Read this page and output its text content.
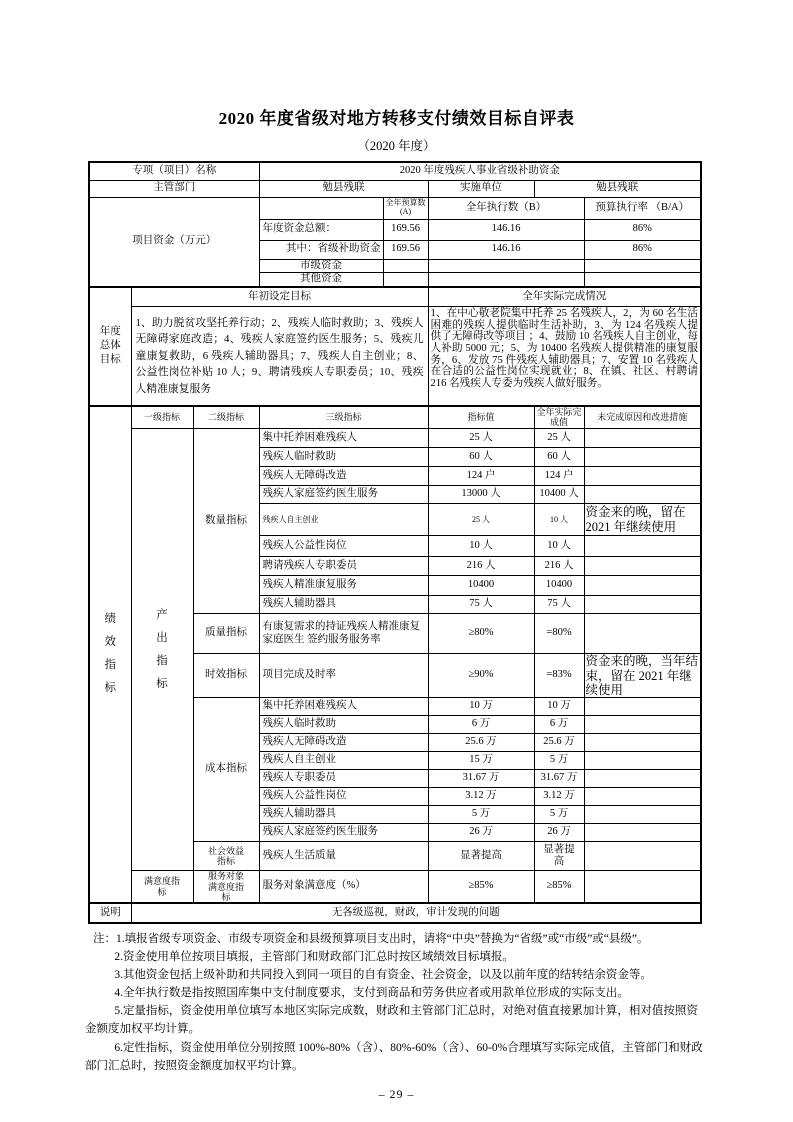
2020 年度省级对地方转移支付绩效目标自评表
（2020 年度）
专项（项目）名称			2020 年度残疾人事业省级补助资金				
主管部门			勉县残联		实施单位	勉县残联	
项目资金（万元）				全年预算数(A)	全年执行数（B）		预算执行率 （B/A）
			年度资金总额：	169.56	146.16		86%
			其中：省级补助资金	169.56	146.16		86%
			市级资金				
			其他资金				

年度总体目标	年初设定目标				全年实际完成情况		
	1、助力脱贫攻坚托养行动；2、残疾人临时救助；3、残疾人无障碍家庭改造；4、残疾人家庭签约医生服务；5、残疾儿童康复救助，6 残疾人辅助器具；7、残疾人自主创业；8、公益性岗位补贴 10 人；9、聘请残疾人专职委员；10、残疾人精准康复服务				1、在中心敬老院集中托养 25 名残疾人，2，为 60 名生活困难的残疾人提供临时生活补助，3、为 124 名残疾人提供了无障碍改等项目 ；4、鼓励 10 名残疾人自主创业，每人补助 5000 元；5、为 10400 名残疾人提供精准的康复服务，6、发放 75 件残疾人辅助器具；7、安置 10 名残疾人在合适的公益性岗位实现就业；8、在镇、社区、村聘请 216 名残疾人专委为残疾人做好服务。		

绩效指标	一级指标	二级指标	三级指标		指标值	全年实际完成值	未完成原因和改进措施

	产出指标	数量指标	集中托养困难残疾人		25 人	25 人	
			残疾人临时救助		60 人	60 人	
			残疾人无障碍改造		124 户	124 户	
			残疾人家庭签约医生服务		13000 人	10400 人	
			残疾人自主创业		25 人	10 人	资金来的晚，留在 2021 年继续使用
			残疾人公益性岗位		10 人	10 人	
			聘请残疾人专职委员		216 人	216 人	
			残疾人精准康复服务		10400	10400	
			残疾人辅助器具		75 人	75 人	
		质量指标	有康复需求的持证残疾人精准康复家庭医生 签约服务服务率		≥80%	=80%	
		时效指标	项目完成及时率		≥90%	=83%	资金来的晚，当年结束，留在 2021 年继续使用
		成本指标	集中托养困难残疾人		10 万	10 万	
			残疾人临时救助		6 万	6 万	
			残疾人无障碍改造		25.6 万	25.6 万	
			残疾人自主创业		15 万	5 万	
			残疾人专职委员		31.67 万	31.67 万	
			残疾人公益性岗位		3.12 万	3.12 万	
			残疾人辅助器具		5 万	5 万	
			残疾人家庭签约医生服务		26 万	26 万	
		社会效益指标	残疾人生活质量		显著提高	显著提高	
	满意度指标	服务对象满意度指标	服务对象满意度（%）		≥85%	≥85%	
说明	无各级巡视，财政，审计发现的问题						
注：1.填报省级专项资金、市级专项资金和县级预算项目支出时，请将“中央”替换为“省级”或“市级”或“县级”。
2.资金使用单位按项目填报，主管部门和财政部门汇总时按区域绩效目标填报。
3.其他资金包括上级补助和共同投入到同一项目的自有资金、社会资金，以及以前年度的结转结余资金等。
4.全年执行数是指按照国库集中支付制度要求，支付到商品和劳务供应者或用款单位形成的实际支出。
5.定量指标，资金使用单位填写本地区实际完成数，财政和主管部门汇总时，对绝对值直接累加计算，相对值按照资金额度加权平均计算。
6.定性指标，资金使用单位分别按照 100%-80%（含）、80%-60%（含）、60-0%合理填写实际完成值，主管部门和财政部门汇总时，按照资金额度加权平均计算。
– 29 –
